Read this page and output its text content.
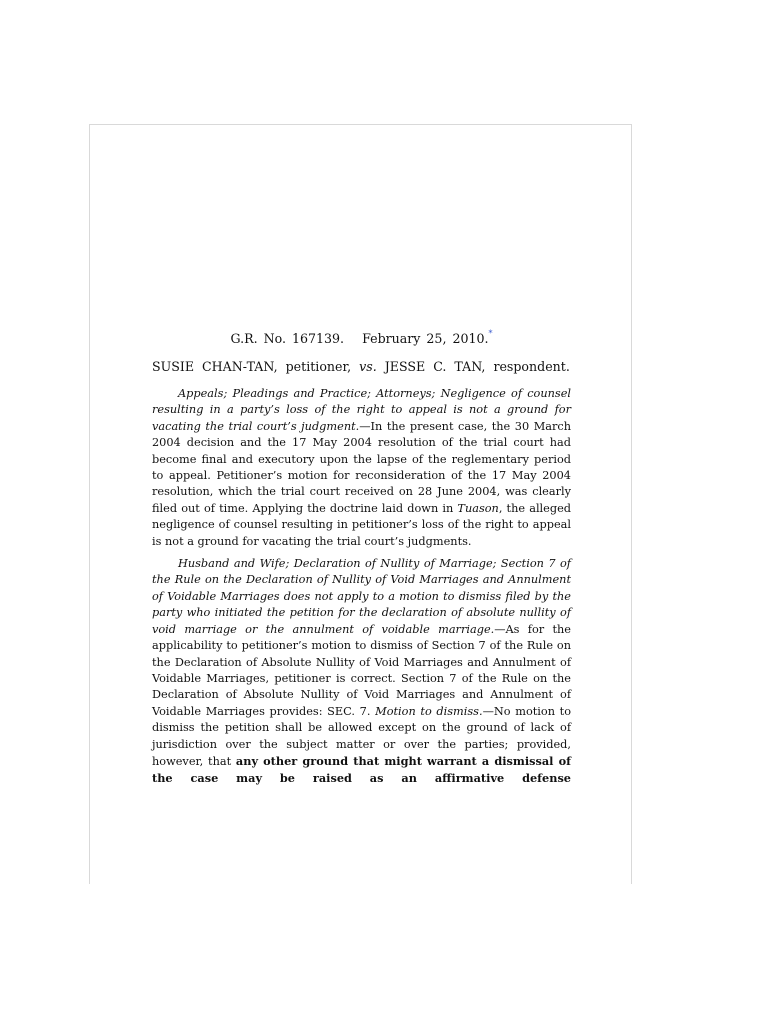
G.R. No. 167139. February 25, 2010.*
SUSIE CHAN-TAN, petitioner, vs. JESSE C. TAN, respondent.
Appeals; Pleadings and Practice; Attorneys; Negligence of counsel resulting in a party’s loss of the right to appeal is not a ground for vacating the trial court’s judgment.—In the present case, the 30 March 2004 decision and the 17 May 2004 resolution of the trial court had become final and executory upon the lapse of the reglementary period to appeal. Petitioner’s motion for reconsideration of the 17 May 2004 resolution, which the trial court received on 28 June 2004, was clearly filed out of time. Applying the doctrine laid down in Tuason, the alleged negligence of counsel resulting in petitioner’s loss of the right to appeal is not a ground for vacating the trial court’s judgments.
Husband and Wife; Declaration of Nullity of Marriage; Section 7 of the Rule on the Declaration of Nullity of Void Marriages and Annulment of Voidable Marriages does not apply to a motion to dismiss filed by the party who initiated the petition for the declaration of absolute nullity of void marriage or the annulment of voidable marriage.—As for the applicability to petitioner’s motion to dismiss of Section 7 of the Rule on the Declaration of Absolute Nullity of Void Marriages and Annulment of Voidable Marriages, petitioner is correct. Section 7 of the Rule on the Declaration of Absolute Nullity of Void Marriages and Annulment of Voidable Marriages provides: SEC. 7. Motion to dismiss.—No motion to dismiss the petition shall be allowed except on the ground of lack of jurisdiction over the subject matter or over the parties; provided, however, that any other ground that might warrant a dismissal of the case may be raised as an affirmative defense
